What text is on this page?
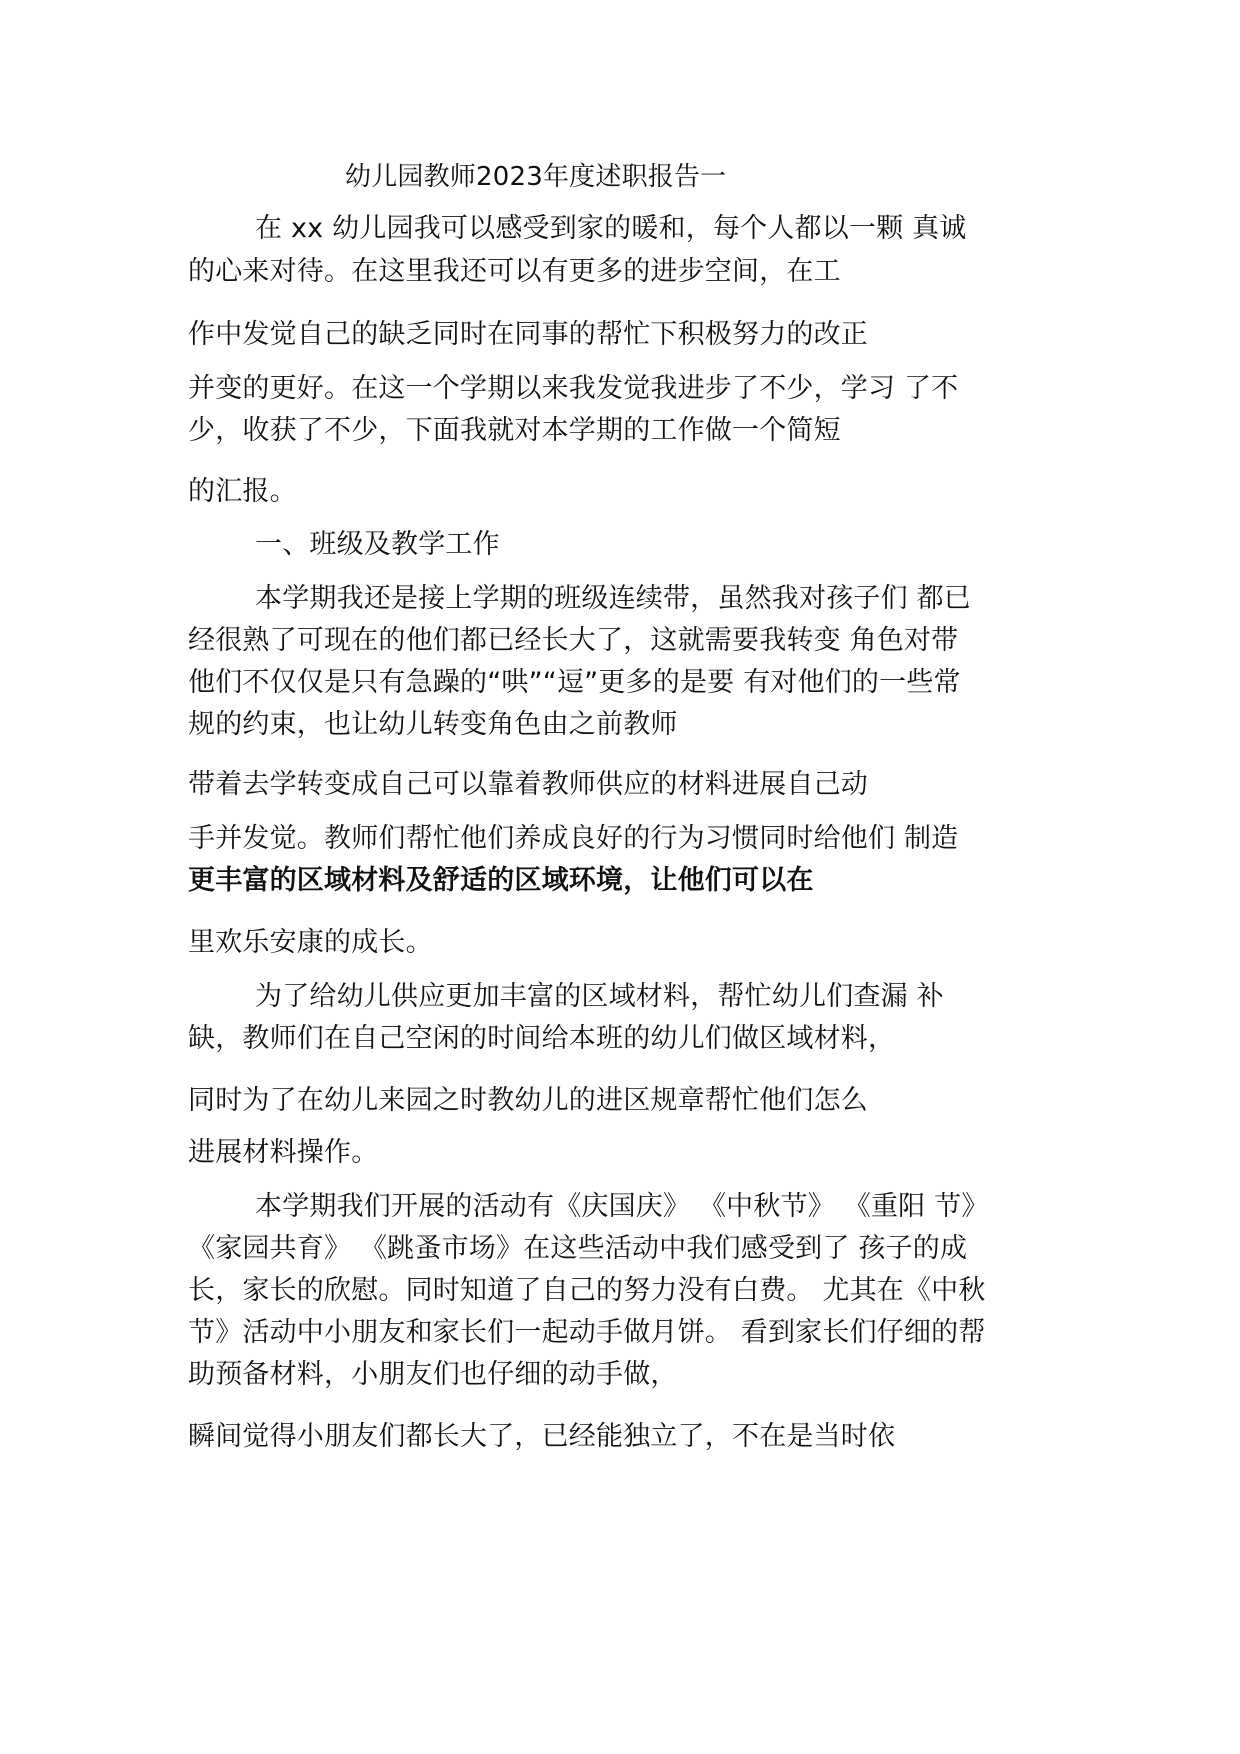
幼儿园教师2023年度述职报告一
在 xx 幼儿园我可以感受到家的暖和，每个人都以一颗 真诚
的心来对待。在这里我还可以有更多的进步空间，在工
作中发觉自己的缺乏同时在同事的帮忙下积极努力的改正
并变的更好。在这一个学期以来我发觉我进步了不少，学习 了不
少，收获了不少，下面我就对本学期的工作做一个简短
的汇报。
一、班级及教学工作
本学期我还是接上学期的班级连续带，虽然我对孩子们 都已
经很熟了可现在的他们都已经长大了，这就需要我转变 角色对带
他们不仅仅是只有急躁的“哄”“逗”更多的是要 有对他们的一些常
规的约束，也让幼儿转变角色由之前教师
带着去学转变成自己可以靠着教师供应的材料进展自己动
手并发觉。教师们帮忙他们养成良好的行为习惯同时给他们 制造
更丰富的区域材料及舒适的区域环境，让他们可以在
里欢乐安康的成长。
为了给幼儿供应更加丰富的区域材料，帮忙幼儿们查漏 补
缺，教师们在自己空闲的时间给本班的幼儿们做区域材料，
同时为了在幼儿来园之时教幼儿的进区规章帮忙他们怎么
进展材料操作。
本学期我们开展的活动有《庆国庆》 《中秋节》 《重阳 节》
《家园共育》 《跳蚤市场》在这些活动中我们感受到了 孩子的成
长，家长的欣慰。同时知道了自己的努力没有白费。 尤其在《中秋
节》活动中小朋友和家长们一起动手做月饼。 看到家长们仔细的帮
助预备材料，小朋友们也仔细的动手做，
瞬间觉得小朋友们都长大了，已经能独立了，不在是当时依
